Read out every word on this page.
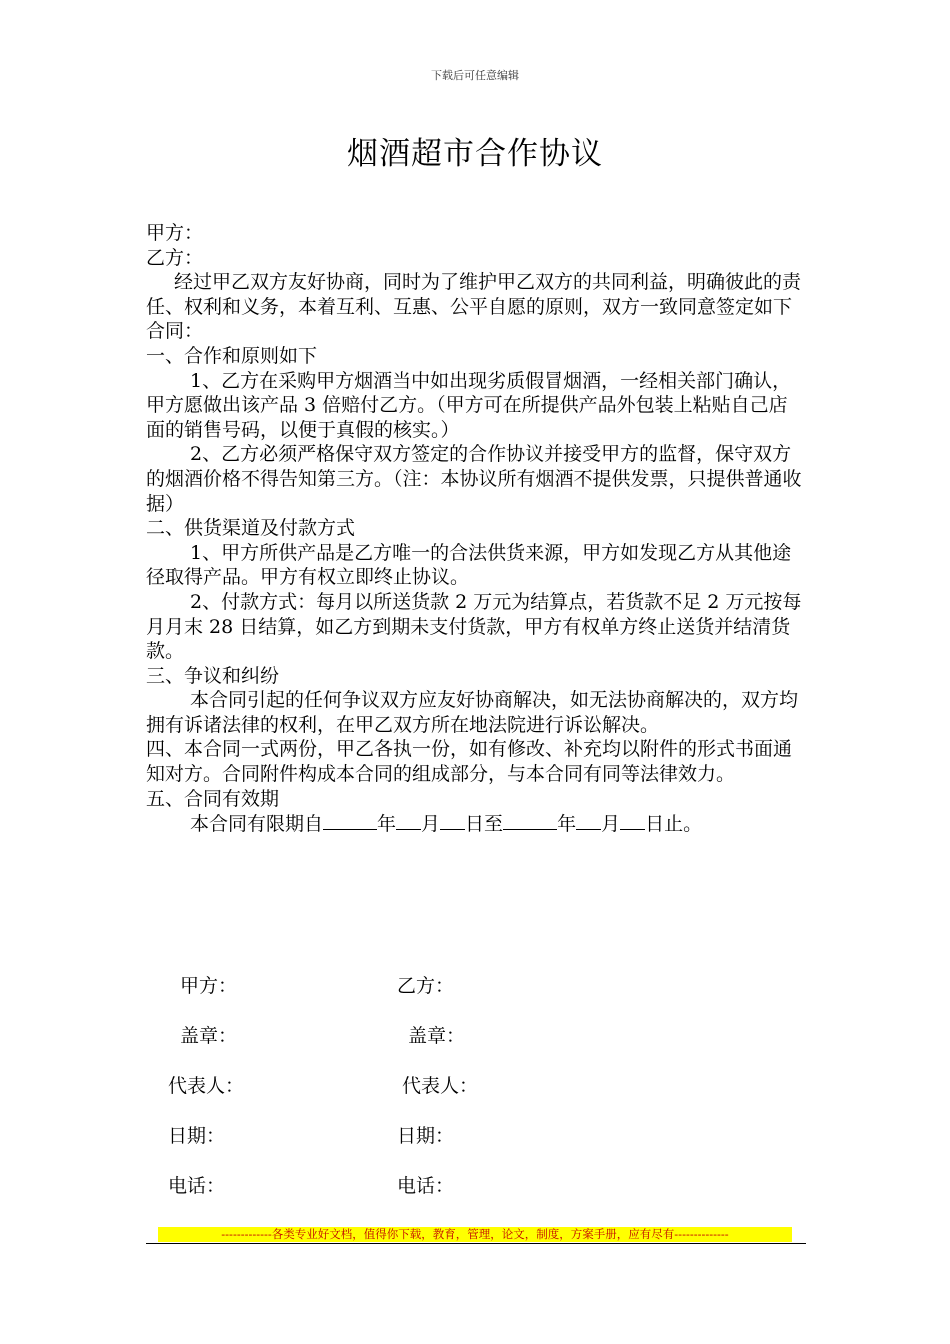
下载后可任意编辑
烟酒超市合作协议

甲方：

乙方：

经过甲乙双方友好协商，同时为了维护甲乙双方的共同利益，明确彼此的责任、权利和义务，本着互利、互惠、公平自愿的原则，双方一致同意签定如下合同：

一、合作和原则如下

1、乙方在采购甲方烟酒当中如出现劣质假冒烟酒，一经相关部门确认，甲方愿做出该产品 3 倍赔付乙方。（甲方可在所提供产品外包装上粘贴自己店面的销售号码，以便于真假的核实。）

2、乙方必须严格保守双方签定的合作协议并接受甲方的监督，保守双方的烟酒价格不得告知第三方。（注：本协议所有烟酒不提供发票，只提供普通收据）

二、供货渠道及付款方式

1、甲方所供产品是乙方唯一的合法供货来源，甲方如发现乙方从其他途径取得产品。甲方有权立即终止协议。

2、付款方式：每月以所送货款 2 万元为结算点，若货款不足 2 万元按每月月末 28 日结算，如乙方到期未支付货款，甲方有权单方终止送货并结清货款。

三、争议和纠纷

本合同引起的任何争议双方应友好协商解决，如无法协商解决的，双方均拥有诉诸法律的权利，在甲乙双方所在地法院进行诉讼解决。

四、本合同一式两份，甲乙各执一份，如有修改、补充均以附件的形式书面通知对方。合同附件构成本合同的组成部分，与本合同有同等法律效力。

五、合同有效期

本合同有限期自	年 月 日至	年 月 日止。

甲方：	乙方：
盖章：	盖章：
代表人：	代表人：
日期：	日期：
电话：	电话：
-------------各类专业好文档，值得你下载，教育，管理，论文，制度，方案手册，应有尽有--------------
